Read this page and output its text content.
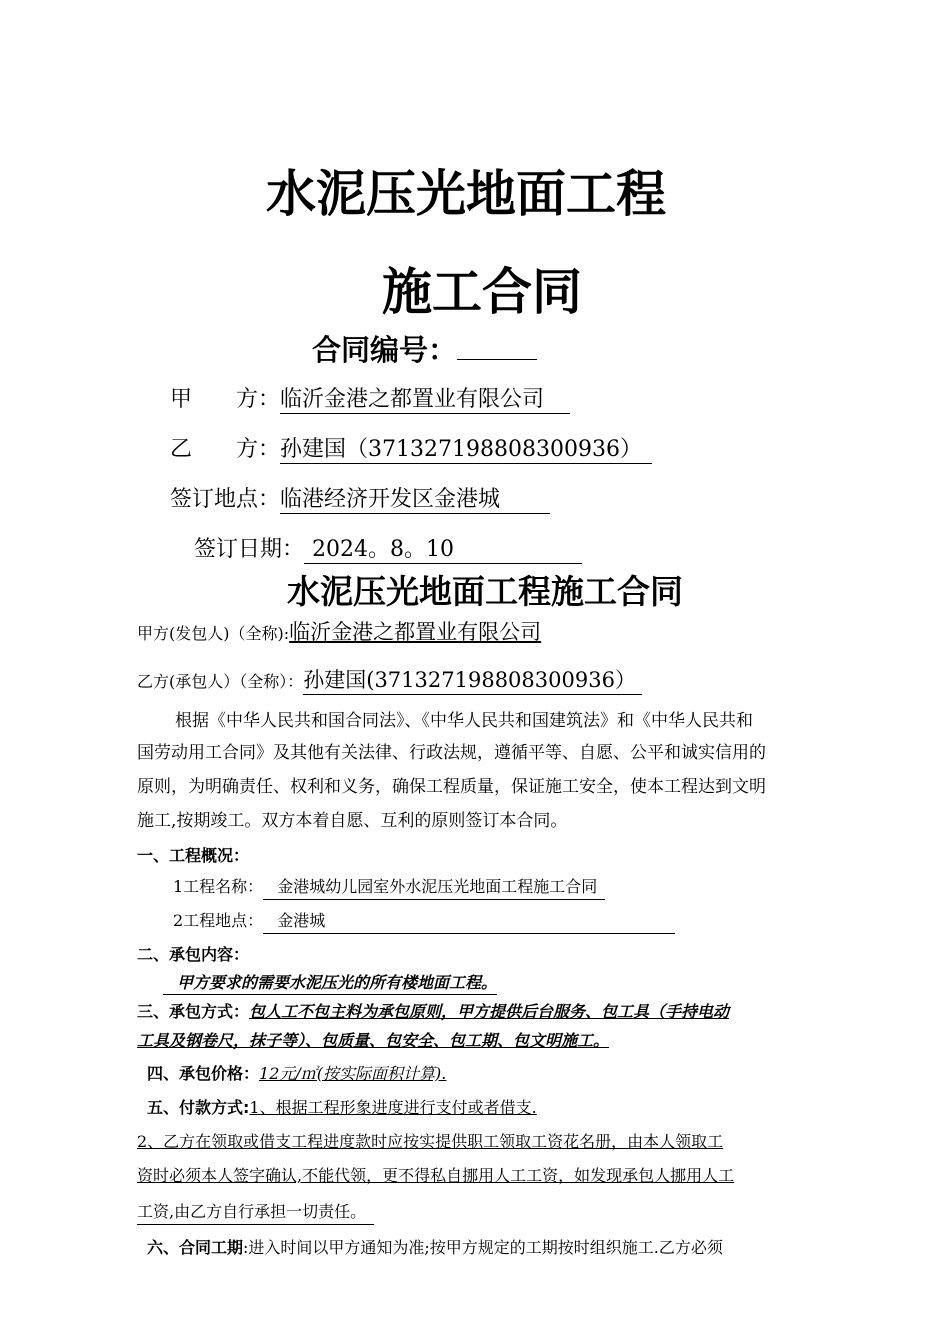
水泥压光地面工程
施工合同
合同编号：
甲　　方：临沂金港之都置业有限公司
乙　　方：孙建国（371327198808300936）
签订地点：临港经济开发区金港城
签订日期： 2024。8。10
水泥压光地面工程施工合同
甲方(发包人)（全称):临沂金港之都置业有限公司
乙方(承包人）（全称）：孙建国(371327198808300936）
根据《中华人民共和国合同法》、《中华人民共和国建筑法》和《中华人民共和
国劳动用工合同》及其他有关法律、行政法规，遵循平等、自愿、公平和诚实信用的
原则，为明确责任、权利和义务，确保工程质量，保证施工安全，使本工程达到文明
施工,按期竣工。双方本着自愿、互利的原则签订本合同。
一、工程概况：
1工程名称： 金港城幼儿园室外水泥压光地面工程施工合同
2工程地点： 金港城
二、承包内容：
甲方要求的需要水泥压光的所有楼地面工程。
三、承包方式：包人工不包主料为承包原则，甲方提供后台服务、包工具（手持电动
工具及钢卷尺，抹子等）、包质量、包安全、包工期、包文明施工。
四、承包价格：12元/㎡(按实际面积计算).
五、付款方式:1、根据工程形象进度进行支付或者借支.
2、乙方在领取或借支工程进度款时应按实提供职工领取工资花名册，由本人领取工
资时必须本人签字确认,不能代领，更不得私自挪用人工工资，如发现承包人挪用人工
工资,由乙方自行承担一切责任。
六、合同工期:进入时间以甲方通知为准;按甲方规定的工期按时组织施工.乙方必须
